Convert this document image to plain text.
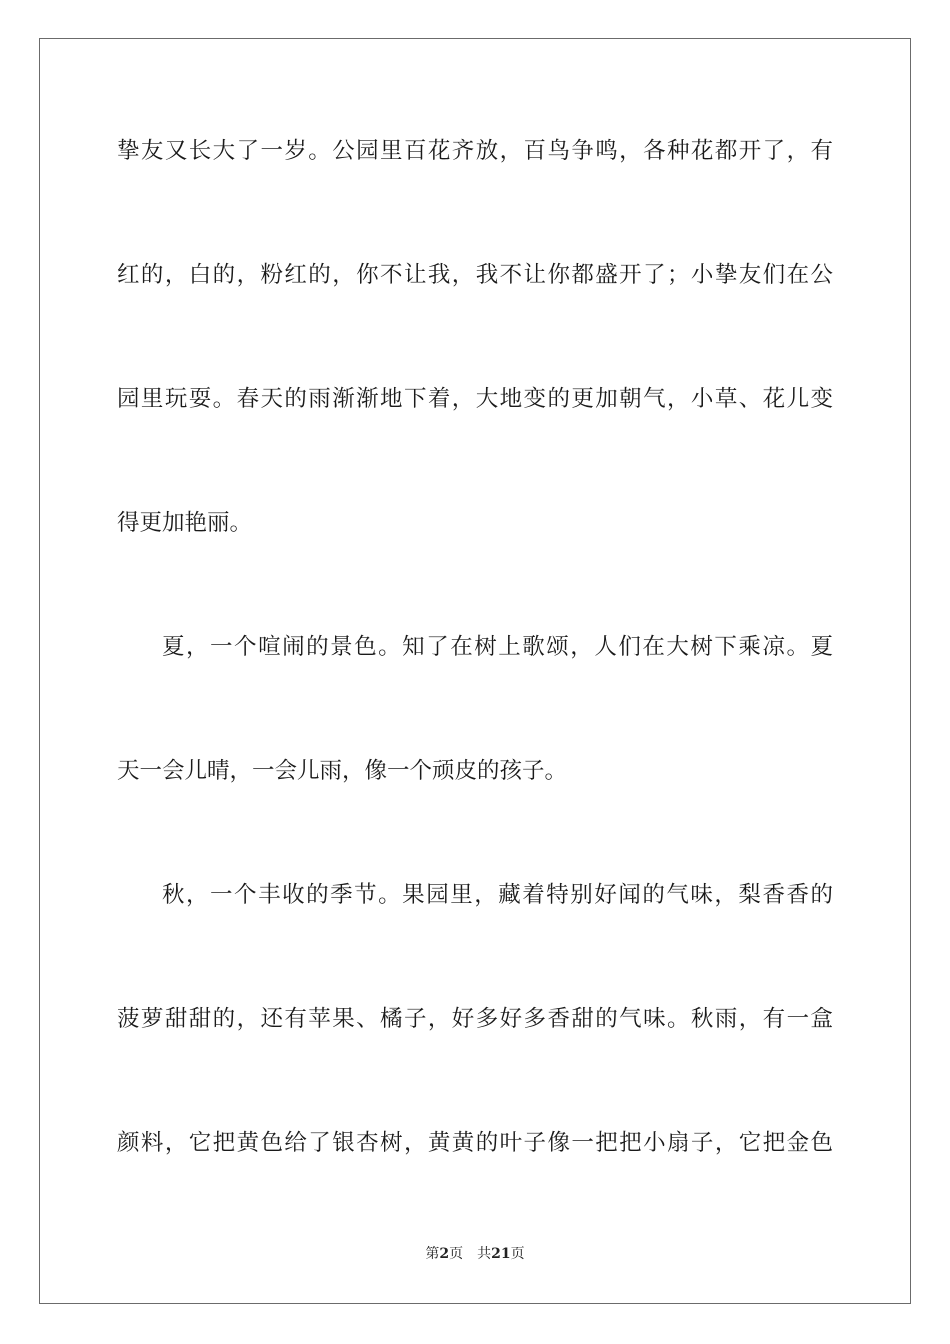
挚友又长大了一岁。公园里百花齐放，百鸟争鸣，各种花都开了，有
红的，白的，粉红的，你不让我，我不让你都盛开了；小挚友们在公
园里玩耍。春天的雨渐渐地下着，大地变的更加朝气，小草、花儿变
得更加艳丽。
夏，一个喧闹的景色。知了在树上歌颂，人们在大树下乘凉。夏
天一会儿晴，一会儿雨，像一个顽皮的孩子。
秋，一个丰收的季节。果园里，藏着特别好闻的气味，梨香香的
菠萝甜甜的，还有苹果、橘子，好多好多香甜的气味。秋雨，有一盒
颜料，它把黄色给了银杏树，黄黄的叶子像一把把小扇子，它把金色
第2页 共21页
